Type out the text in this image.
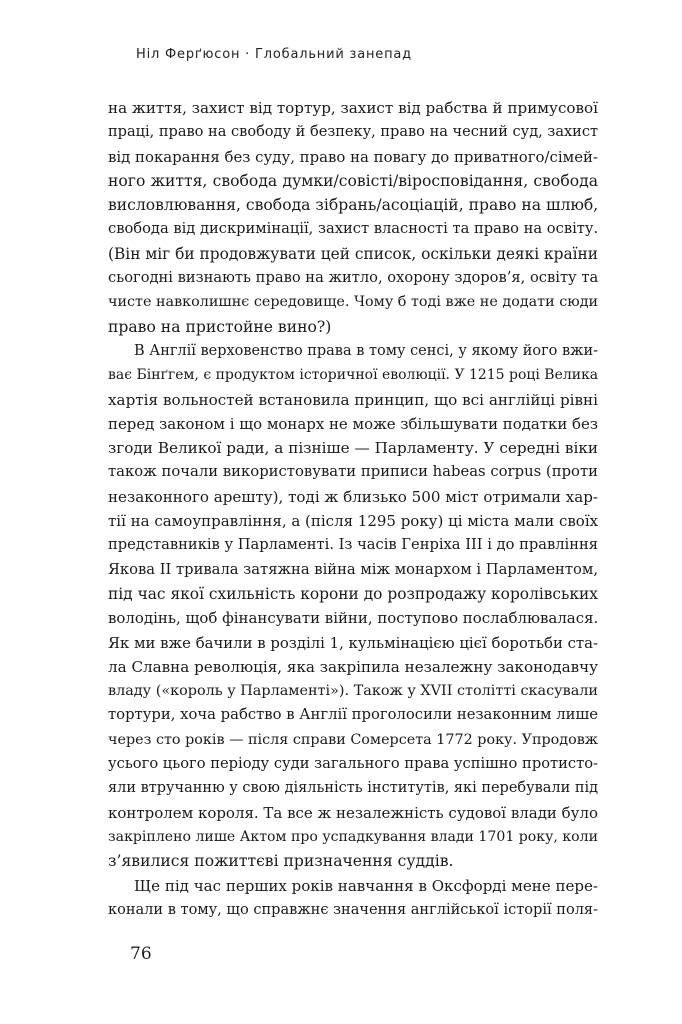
Ніл Ферґюсон · Глобальний занепад
на життя, захист від тортур, захист від рабства й примусової
праці, право на свободу й безпеку, право на чесний суд, захист
від покарання без суду, право на повагу до приватного/сімей-
ного життя, свобода думки/совісті/віросповідання, свобода
висловлювання, свобода зібрань/асоціацій, право на шлюб,
свобода від дискримінації, захист власності та право на освіту.
(Він міг би продовжувати цей список, оскільки деякі країни
сьогодні визнають право на житло, охорону здоров’я, освіту та
чисте навколишнє середовище. Чому б тоді вже не додати сюди
право на пристойне вино?)
В Англії верховенство права в тому сенсі, у якому його вжи-
ває Бінґгем, є продуктом історичної еволюції. У 1215 році Велика
хартія вольностей встановила принцип, що всі англійці рівні
перед законом і що монарх не може збільшувати податки без
згоди Великої ради, а пізніше — Парламенту. У середні віки
також почали використовувати приписи habeas corpus (проти
незаконного арешту), тоді ж близько 500 міст отримали хар-
тії на самоуправління, а (після 1295 року) ці міста мали своїх
представників у Парламенті. Із часів Генріха III і до правління
Якова II тривала затяжна війна між монархом і Парламентом,
під час якої схильність корони до розпродажу королівських
володінь, щоб фінансувати війни, поступово послаблювалася.
Як ми вже бачили в розділі 1, кульмінацією цієї боротьби ста-
ла Славна революція, яка закріпила незалежну законодавчу
владу («король у Парламенті»). Також у XVII столітті скасували
тортури, хоча рабство в Англії проголосили незаконним лише
через сто років — після справи Сомерсета 1772 року. Упродовж
усього цього періоду суди загального права успішно протисто-
яли втручанню у свою діяльність інститутів, які перебували під
контролем короля. Та все ж незалежність судової влади було
закріплено лише Актом про успадкування влади 1701 року, коли
з’явилися пожиттєві призначення суддів.
Ще під час перших років навчання в Оксфорді мене пере-
конали в тому, що справжнє значення англійської історії поля-
76
